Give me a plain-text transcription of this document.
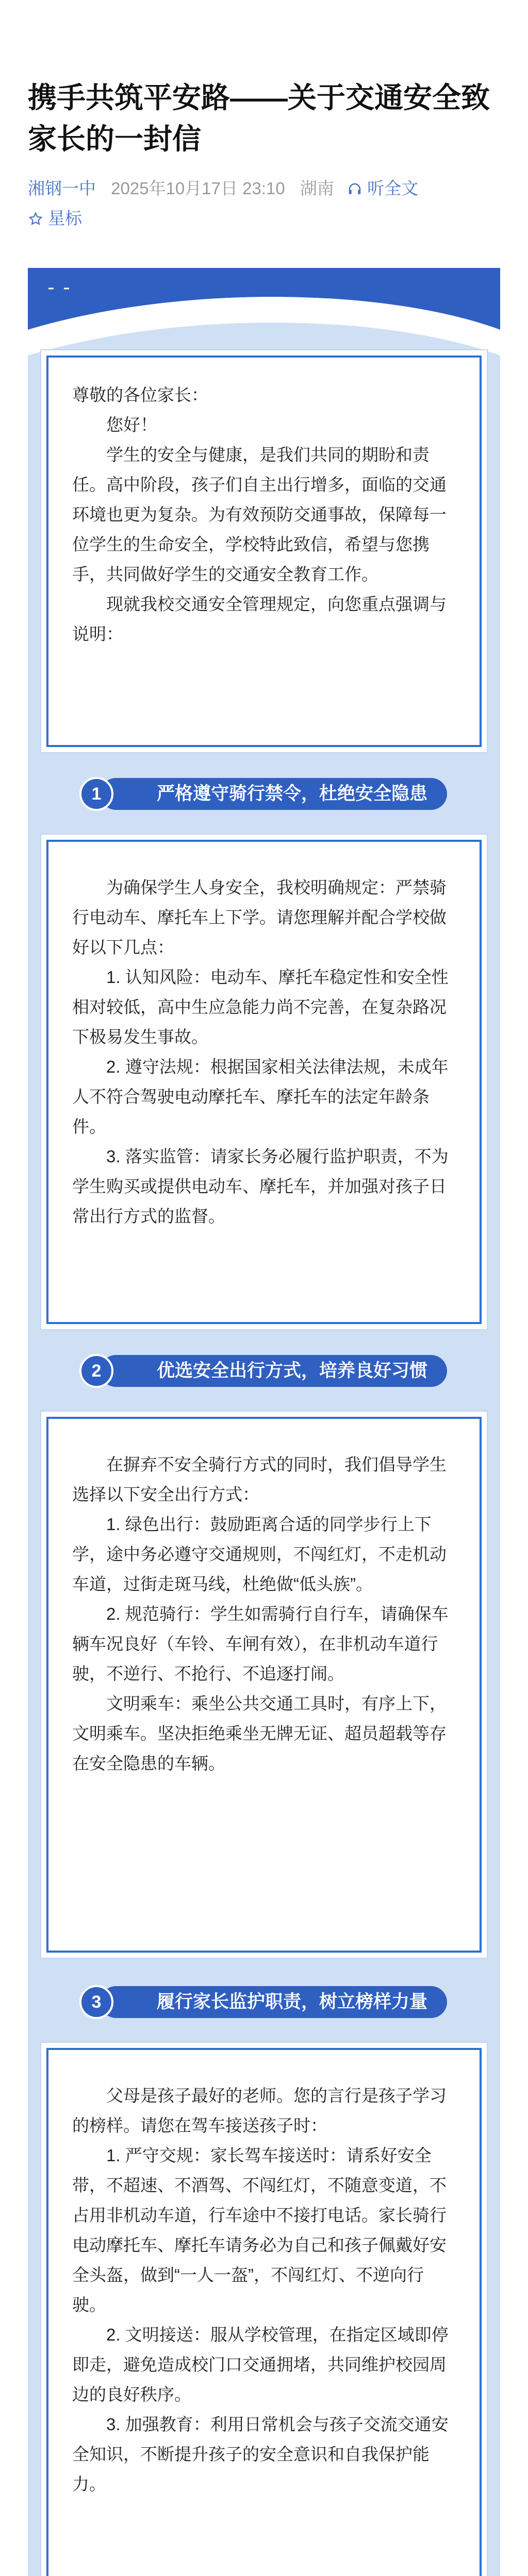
携手共筑平安路——关于交通安全致家长的一封信
湘钢一中 2025年10月17日 23:10 湖南 听全文
星标

尊敬的各位家长：

您好！

学生的安全与健康，是我们共同的期盼和责任。高中阶段，孩子们自主出行增多，面临的交通环境也更为复杂。为有效预防交通事故，保障每一位学生的生命安全，学校特此致信，希望与您携手，共同做好学生的交通安全教育工作。

现就我校交通安全管理规定，向您重点强调与说明：

严格遵守骑行禁令，杜绝安全隐患
1

为确保学生人身安全，我校明确规定：严禁骑行电动车、摩托车上下学。请您理解并配合学校做好以下几点：

1. 认知风险：电动车、摩托车稳定性和安全性相对较低，高中生应急能力尚不完善，在复杂路况下极易发生事故。

2. 遵守法规：根据国家相关法律法规，未成年人不符合驾驶电动摩托车、摩托车的法定年龄条件。

3. 落实监管：请家长务必履行监护职责，不为学生购买或提供电动车、摩托车，并加强对孩子日常出行方式的监督。

优选安全出行方式，培养良好习惯
2

在摒弃不安全骑行方式的同时，我们倡导学生选择以下安全出行方式：

1. 绿色出行：鼓励距离合适的同学步行上下学，途中务必遵守交通规则，不闯红灯，不走机动车道，过街走斑马线，杜绝做“低头族”。

2. 规范骑行：学生如需骑行自行车，请确保车辆车况良好（车铃、车闸有效），在非机动车道行驶，不逆行、不抢行、不追逐打闹。

文明乘车：乘坐公共交通工具时，有序上下，文明乘车。坚决拒绝乘坐无牌无证、超员超载等存在安全隐患的车辆。

履行家长监护职责，树立榜样力量
3

父母是孩子最好的老师。您的言行是孩子学习的榜样。请您在驾车接送孩子时：

1. 严守交规：家长驾车接送时：请系好安全带，不超速、不酒驾、不闯红灯，不随意变道，不占用非机动车道，行车途中不接打电话。家长骑行电动摩托车、摩托车请务必为自己和孩子佩戴好安全头盔，做到“一人一盔”，不闯红灯、不逆向行驶。

2. 文明接送：服从学校管理，在指定区域即停即走，避免造成校门口交通拥堵，共同维护校园周边的良好秩序。

3. 加强教育：利用日常机会与孩子交流交通安全知识，不断提升孩子的安全意识和自我保护能力。
